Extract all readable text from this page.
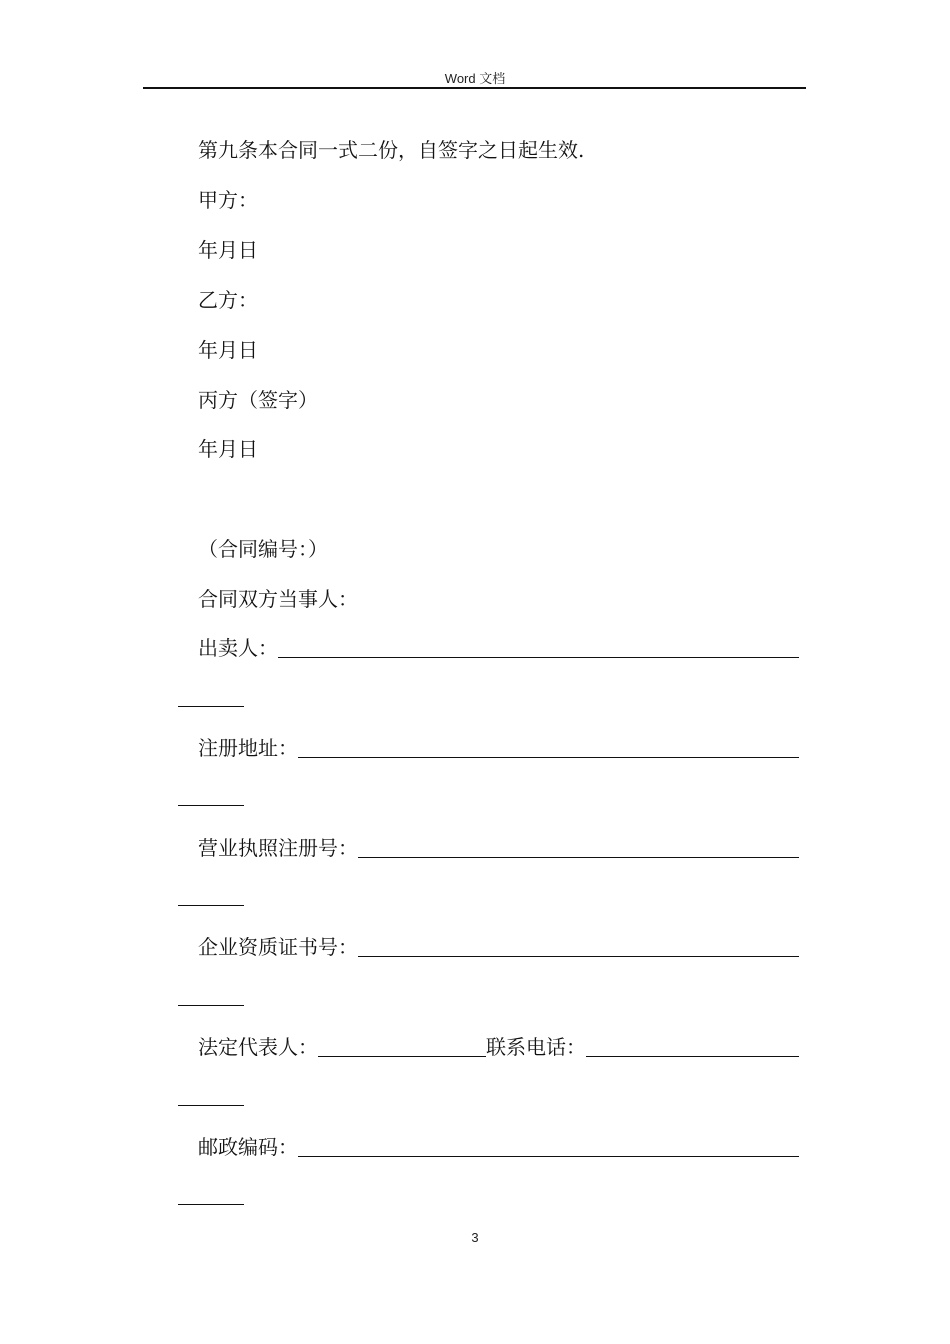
Word 文档
第九条本合同一式二份，自签字之日起生效.
甲方：
年月日
乙方：
年月日
丙方（签字）
年月日
（合同编号：）
合同双方当事人：
出卖人：
注册地址：
营业执照注册号：
企业资质证书号：
法定代表人：	联系电话：
邮政编码：
3
